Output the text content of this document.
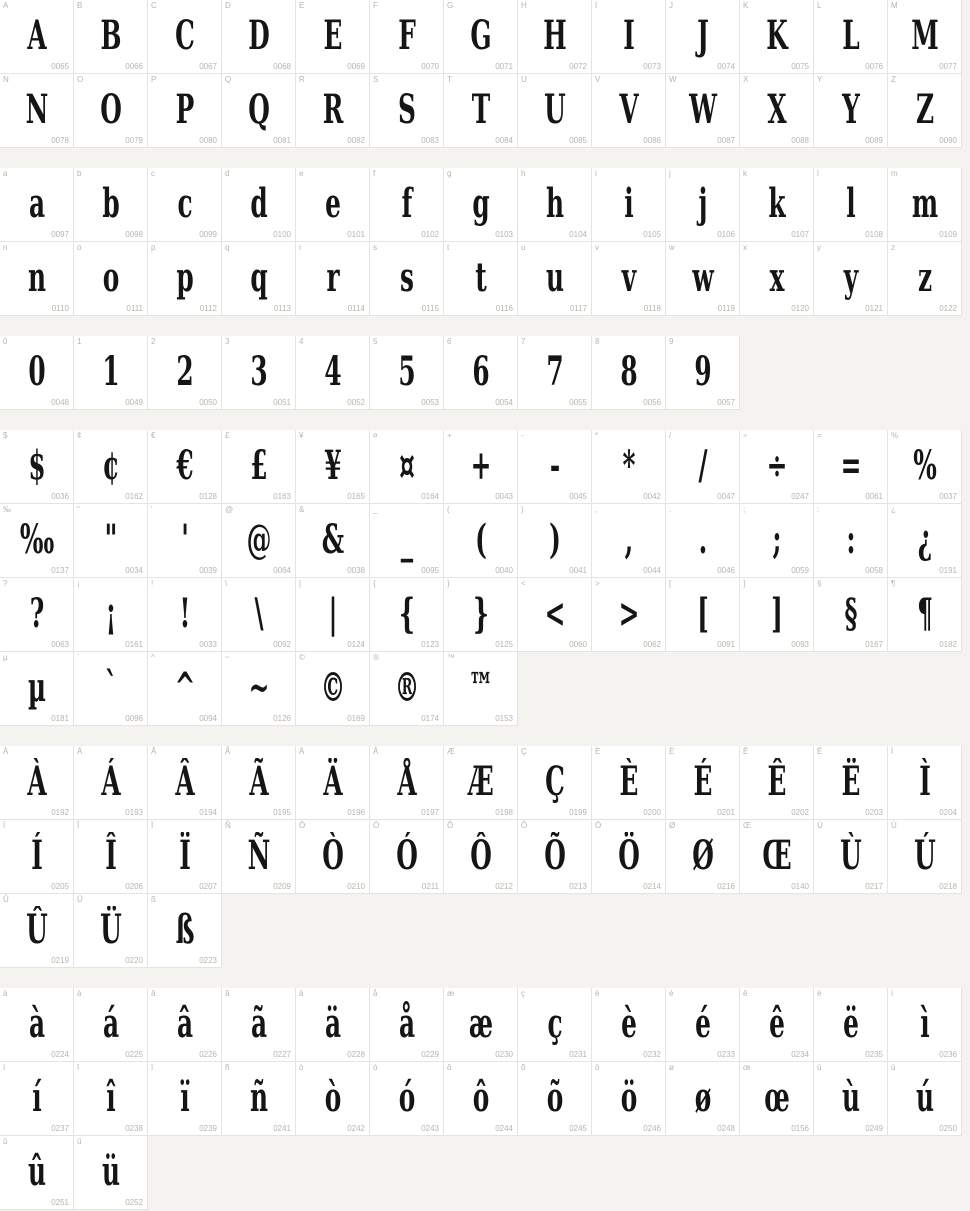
A
A
0065
B
B
0066
C
C
0067
D
D
0068
E
E
0069
F
F
0070
G
G
0071
H
H
0072
I
I
0073
J
J
0074
K
K
0075
L
L
0076
M
M
0077
N
N
0078
O
O
0079
P
P
0080
Q
Q
0081
R
R
0082
S
S
0083
T
T
0084
U
U
0085
V
V
0086
W
W
0087
X
X
0088
Y
Y
0089
Z
Z
0090
a
a
0097
b
b
0098
c
c
0099
d
d
0100
e
e
0101
f
f
0102
g
g
0103
h
h
0104
i
i
0105
j
j
0106
k
k
0107
l
l
0108
m
m
0109
n
n
0110
o
o
0111
p
p
0112
q
q
0113
r
r
0114
s
s
0115
t
t
0116
u
u
0117
v
v
0118
w
w
0119
x
x
0120
y
y
0121
z
z
0122
0
0
0048
1
1
0049
2
2
0050
3
3
0051
4
4
0052
5
5
0053
6
6
0054
7
7
0055
8
8
0056
9
9
0057
$
$
0036
¢
¢
0162
€
€
0128
£
£
0163
¥
¥
0165
¤
¤
0164
+
+
0043
-
-
0045
*
*
0042
/
/
0047
÷
÷
0247
=
=
0061
%
%
0037
‰
‰
0137
"
"
0034
'
'
0039
@
@
0064
&
&
0038
_
_
0095
(
(
0040
)
)
0041
,
,
0044
.
.
0046
;
;
0059
:
:
0058
¿
¿
0191
?
?
0063
¡
¡
0161
!
!
0033
\
\
0092
|
|
0124
{
{
0123
}
}
0125
<
<
0060
>
>
0062
[
[
0091
]
]
0093
§
§
0167
¶
¶
0182
µ
µ
0181
`
`
0096
^
^
0094
~
~
0126
©
©
0169
®
®
0174
™
™
0153
À
À
0192
Á
Á
0193
Â
Â
0194
Ã
Ã
0195
Ä
Ä
0196
Å
Å
0197
Æ
Æ
0198
Ç
Ç
0199
È
È
0200
É
É
0201
Ê
Ê
0202
Ë
Ë
0203
Ì
Ì
0204
Í
Í
0205
Î
Î
0206
Ï
Ï
0207
Ñ
Ñ
0209
Ò
Ò
0210
Ó
Ó
0211
Ô
Ô
0212
Õ
Õ
0213
Ö
Ö
0214
Ø
Ø
0216
Œ
Œ
0140
Ù
Ù
0217
Ú
Ú
0218
Û
Û
0219
Ü
Ü
0220
ß
ß
0223
à
à
0224
á
á
0225
â
â
0226
ã
ã
0227
ä
ä
0228
å
å
0229
æ
æ
0230
ç
ç
0231
è
è
0232
é
é
0233
ê
ê
0234
ë
ë
0235
ì
ì
0236
í
í
0237
î
î
0238
ï
ï
0239
ñ
ñ
0241
ò
ò
0242
ó
ó
0243
ô
ô
0244
õ
õ
0245
ö
ö
0246
ø
ø
0248
œ
œ
0156
ù
ù
0249
ú
ú
0250
û
û
0251
ü
ü
0252
